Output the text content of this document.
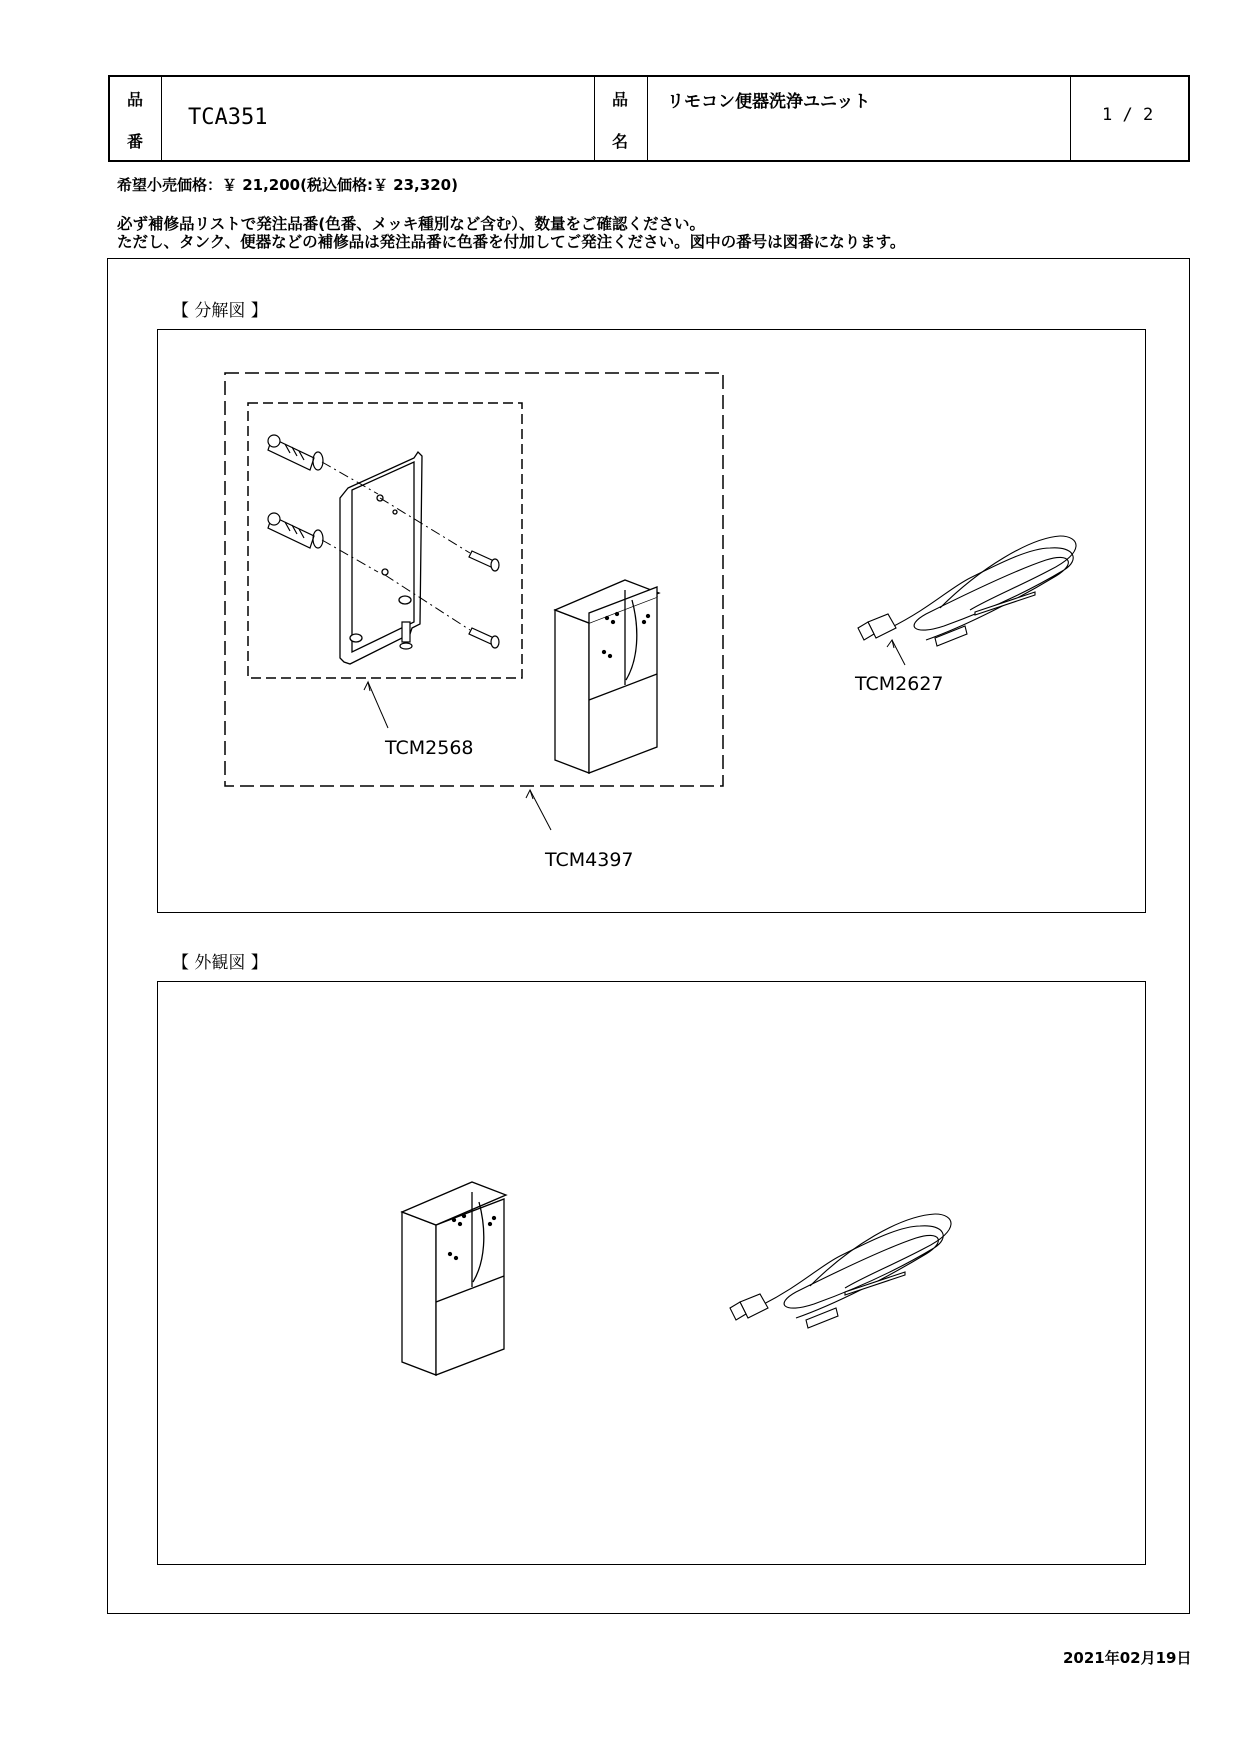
品
番
TCA351
品
名
リモコン便器洗浄ユニット
1 / 2
希望小売価格：￥ 21,200(税込価格:￥ 23,320)
必ず補修品リストで発注品番(色番、メッキ種別など含む）、数量をご確認ください。
ただし、タンク、便器などの補修品は発注品番に色番を付加してご発注ください。図中の番号は図番になります。
【 分解図 】
【 外観図 】
TCM2568
TCM4397
TCM2627
2021年02月19日
